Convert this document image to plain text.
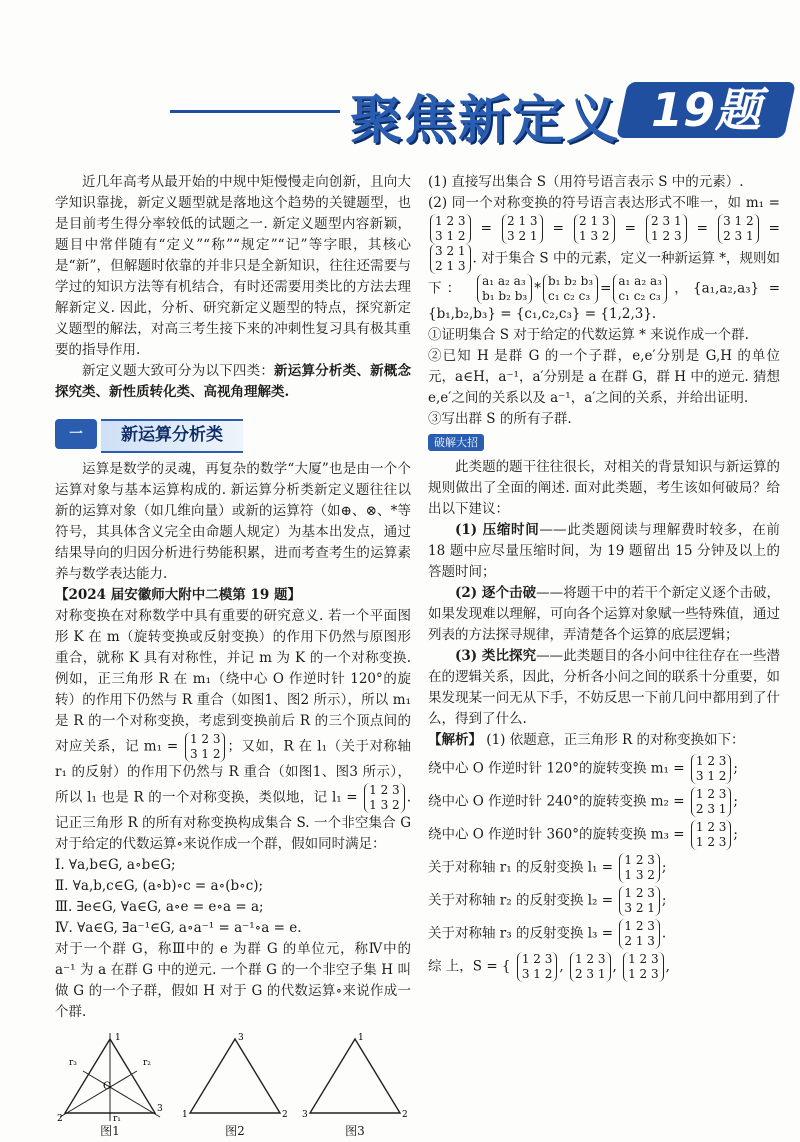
聚焦新定义 19题

近几年高考从最开始的中规中矩慢慢走向创新，且向大学知识靠拢，新定义题型就是落地这个趋势的关键题型，也是目前考生得分率较低的试题之一. 新定义题型内容新颖，题目中常伴随有“定义”“称”“规定”“记”等字眼，其核心是“新”，但解题时依靠的并非只是全新知识，往往还需要与学过的知识方法等有机结合，有时还需要用类比的方法去理解新定义. 因此，分析、研究新定义题型的特点，探究新定义题型的解法，对高三考生接下来的冲刺性复习具有极其重要的指导作用.

新定义题大致可分为以下四类：新运算分析类、新概念探究类、新性质转化类、高视角理解类.

一	新运算分析类

运算是数学的灵魂，再复杂的数学“大厦”也是由一个个运算对象与基本运算构成的. 新运算分析类新定义题往往以新的运算对象（如几维向量）或新的运算符（如⊕、⊗、*等符号，其具体含义完全由命题人规定）为基本出发点，通过结果导向的归因分析进行势能积累，进而考查考生的运算素养与数学表达能力.

【2024 届安徽师大附中二模第 19 题】

对称变换在对称数学中具有重要的研究意义. 若一个平面图形 K 在 m（旋转变换或反射变换）的作用下仍然与原图形重合，就称 K 具有对称性，并记 m 为 K 的一个对称变换. 例如，正三角形 R 在 m₁（绕中心 O 作逆时针 120°的旋转）的作用下仍然与 R 重合（如图1、图2 所示），所以 m₁ 是 R 的一个对称变换，考虑到变换前后 R 的三个顶点间的对应关系，记 m₁ = 1 2 3
3 1 2 ；又如，R 在 l₁（关于对称轴 r₁ 的反射）的作用下仍然与 R 重合（如图1、图3 所示），所以 l₁ 也是 R 的一个对称变换，类似地，记 l₁ = 1 2 3
1 3 2 . 记正三角形 R 的所有对称变换构成集合 S. 一个非空集合 G 对于给定的代数运算∘来说作成一个群，假如同时满足：

Ⅰ. ∀a,b∈G, a∘b∈G;

Ⅱ. ∀a,b,c∈G, (a∘b)∘c = a∘(b∘c);

Ⅲ. ∃e∈G, ∀a∈G, a∘e = e∘a = a;

Ⅳ. ∀a∈G, ∃a⁻¹∈G, a∘a⁻¹ = a⁻¹∘a = e.

对于一个群 G，称Ⅲ中的 e 为群 G 的单位元，称Ⅳ中的 a⁻¹ 为 a 在群 G 中的逆元. 一个群 G 的一个非空子集 H 叫做 G 的一个子群，假如 H 对于 G 的代数运算∘来说作成一个群.

O
1
2
3
r₁
r₂
r₃
图1
3
1	2
图2
1
3	2
图3

(1) 直接写出集合 S（用符号语言表示 S 中的元素）.

(2) 同一个对称变换的符号语言表达形式不唯一，如 m₁ = 1 2 3
3 1 2 = 2 1 3
3 2 1 = 2 1 3
1 3 2 = 2 3 1
1 2 3 = 3 1 2
2 3 1 = 3 2 1
2 1 3 . 对于集合 S 中的元素，定义一种新运算 *，规则如下： a₁ a₂ a₃
b₁ b₂ b₃ * b₁ b₂ b₃
c₁ c₂ c₃ = a₁ a₂ a₃
c₁ c₂ c₃ ，{a₁,a₂,a₃} = {b₁,b₂,b₃} = {c₁,c₂,c₃} = {1,2,3}.

①证明集合 S 对于给定的代数运算 * 来说作成一个群.

②已知 H 是群 G 的一个子群，e,e′分别是 G,H 的单位元，a∈H，a⁻¹，a′分别是 a 在群 G，群 H 中的逆元. 猜想 e,e′之间的关系以及 a⁻¹，a′之间的关系，并给出证明.

③写出群 S 的所有子群.

破解大招

此类题的题干往往很长，对相关的背景知识与新运算的规则做出了全面的阐述. 面对此类题，考生该如何破局？给出以下建议：

(1) 压缩时间——此类题阅读与理解费时较多，在前 18 题中应尽量压缩时间，为 19 题留出 15 分钟及以上的答题时间；

(2) 逐个击破——将题干中的若干个新定义逐个击破，如果发现难以理解，可向各个运算对象赋一些特殊值，通过列表的方法探寻规律，弄清楚各个运算的底层逻辑；

(3) 类比探究——此类题目的各小问中往往存在一些潜在的逻辑关系，因此，分析各小问之间的联系十分重要，如果发现某一问无从下手，不妨反思一下前几问中都用到了什么，得到了什么.

【解析】 (1) 依题意，正三角形 R 的对称变换如下：

绕中心 O 作逆时针 120°的旋转变换 m₁ = 1 2 3
3 1 2 ;
绕中心 O 作逆时针 240°的旋转变换 m₂ = 1 2 3
2 3 1 ;
绕中心 O 作逆时针 360°的旋转变换 m₃ = 1 2 3
1 2 3 ;
关于对称轴 r₁ 的反射变换 l₁ = 1 2 3
1 3 2 ;
关于对称轴 r₂ 的反射变换 l₂ = 1 2 3
3 2 1 ;
关于对称轴 r₃ 的反射变换 l₃ = 1 2 3
2 1 3 .
综 上，S = { 1 2 3
3 1 2 , 1 2 3
2 3 1 , 1 2 3
1 2 3 ,
